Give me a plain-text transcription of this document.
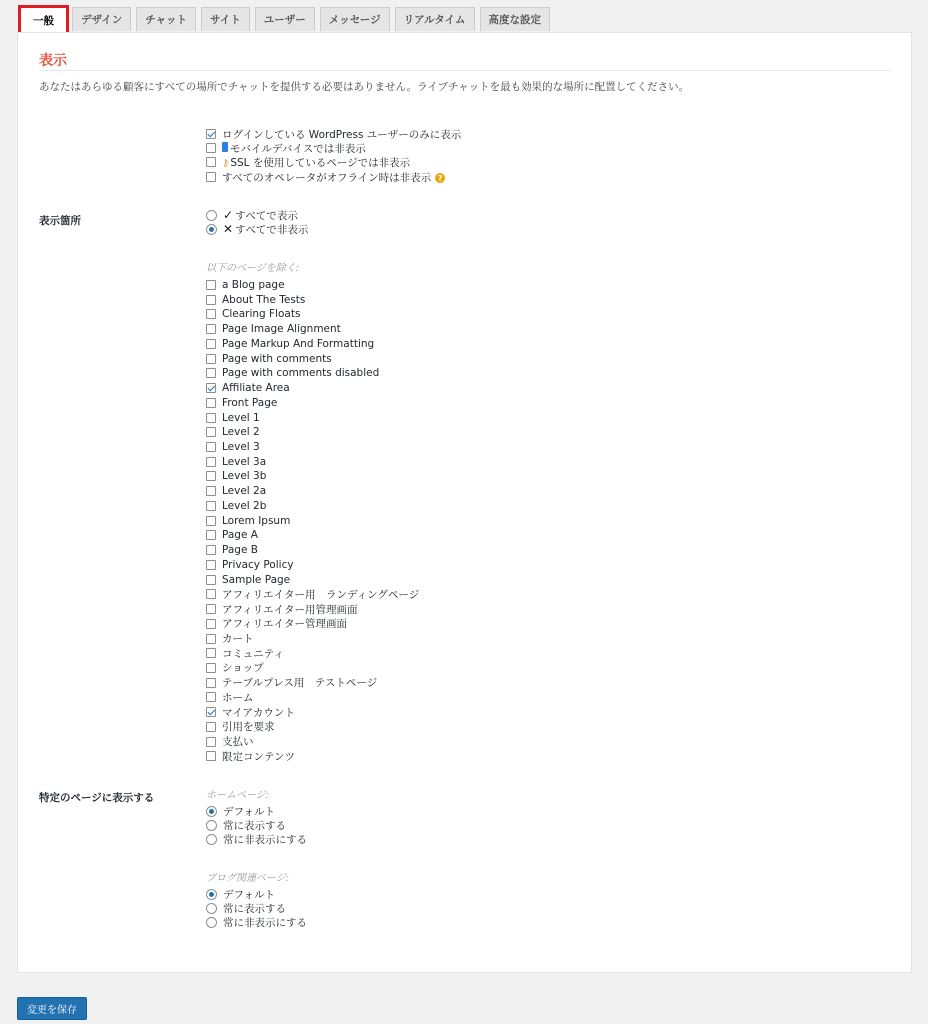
一般	デザイン	チャット	サイト	ユーザー	メッセージ	リアルタイム	高度な設定
表示
あなたはあらゆる顧客にすべての場所でチャットを提供する必要はありません。ライブチャットを最も効果的な場所に配置してください。
表示箇所
特定のページに表示する
ログインしている WordPress ユーザーのみに表示
モバイルデバイスでは非表示
⚷SSL を使用しているページでは非表示
すべてのオペレータがオフライン時は非表示 ?
✓ すべてで表示
✕ すべてで非表示
以下のページを除く:
a Blog page
About The Tests
Clearing Floats
Page Image Alignment
Page Markup And Formatting
Page with comments
Page with comments disabled
Affiliate Area
Front Page
Level 1
Level 2
Level 3
Level 3a
Level 3b
Level 2a
Level 2b
Lorem Ipsum
Page A
Page B
Privacy Policy
Sample Page
アフィリエイター用　ランディングページ
アフィリエイター用管理画面
アフィリエイター管理画面
カート
コミュニティ
ショップ
テーブルプレス用　テストページ
ホーム
マイアカウント
引用を要求
支払い
限定コンテンツ
ホームページ:
デフォルト
常に表示する
常に非表示にする
ブログ関連ページ:
デフォルト
常に表示する
常に非表示にする
変更を保存
